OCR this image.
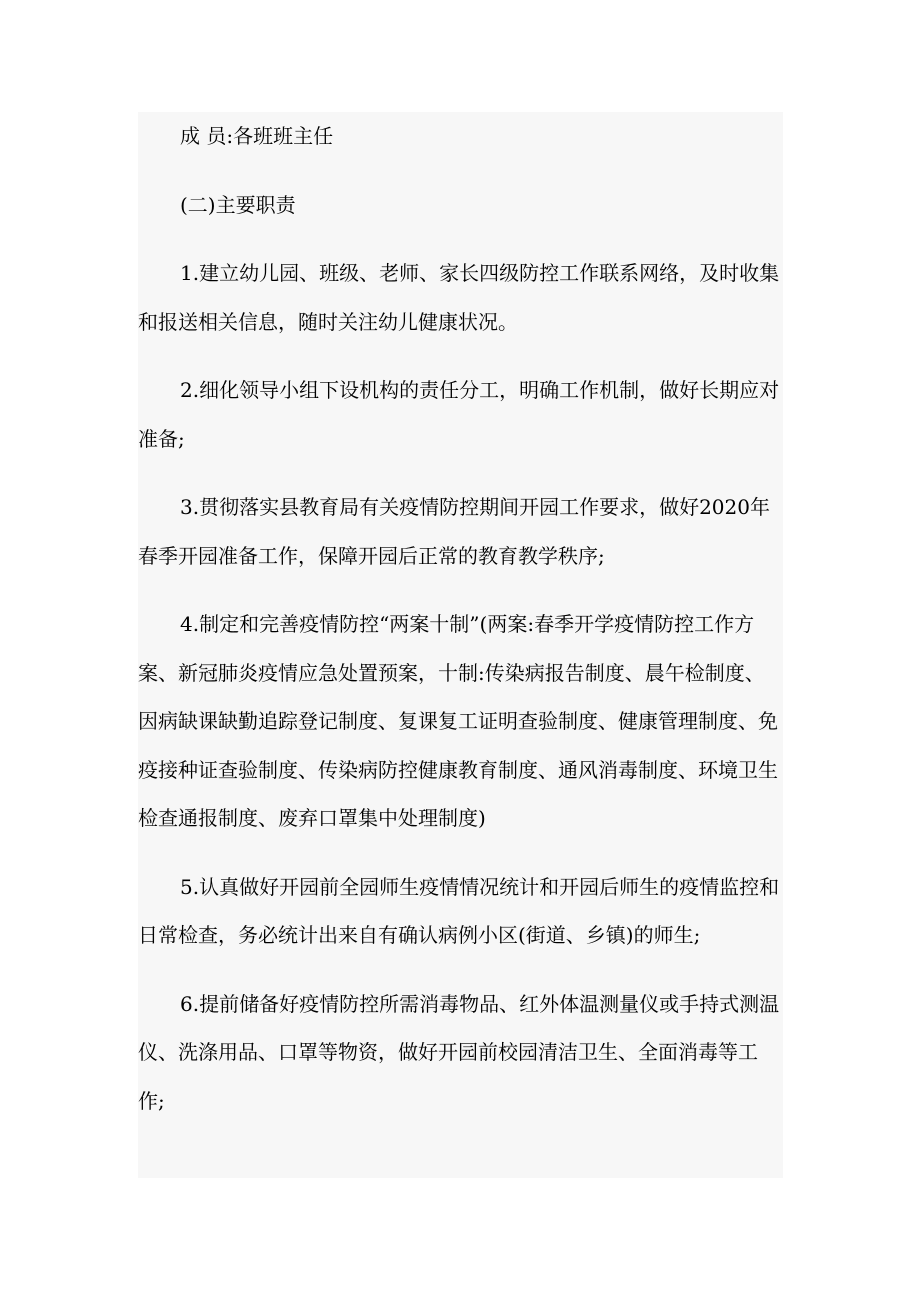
成 员:各班班主任

(二)主要职责

1.建立幼儿园、班级、老师、家长四级防控工作联系网络，及时收集和报送相关信息，随时关注幼儿健康状况。

2.细化领导小组下设机构的责任分工，明确工作机制，做好长期应对准备;

3.贯彻落实县教育局有关疫情防控期间开园工作要求，做好2020年春季开园准备工作，保障开园后正常的教育教学秩序;

4.制定和完善疫情防控“两案十制”(两案:春季开学疫情防控工作方案、新冠肺炎疫情应急处置预案，十制:传染病报告制度、晨午检制度、因病缺课缺勤追踪登记制度、复课复工证明查验制度、健康管理制度、免疫接种证查验制度、传染病防控健康教育制度、通风消毒制度、环境卫生检查通报制度、废弃口罩集中处理制度)

5.认真做好开园前全园师生疫情情况统计和开园后师生的疫情监控和日常检查，务必统计出来自有确认病例小区(街道、乡镇)的师生;

6.提前储备好疫情防控所需消毒物品、红外体温测量仪或手持式测温仪、洗涤用品、口罩等物资，做好开园前校园清洁卫生、全面消毒等工作;
